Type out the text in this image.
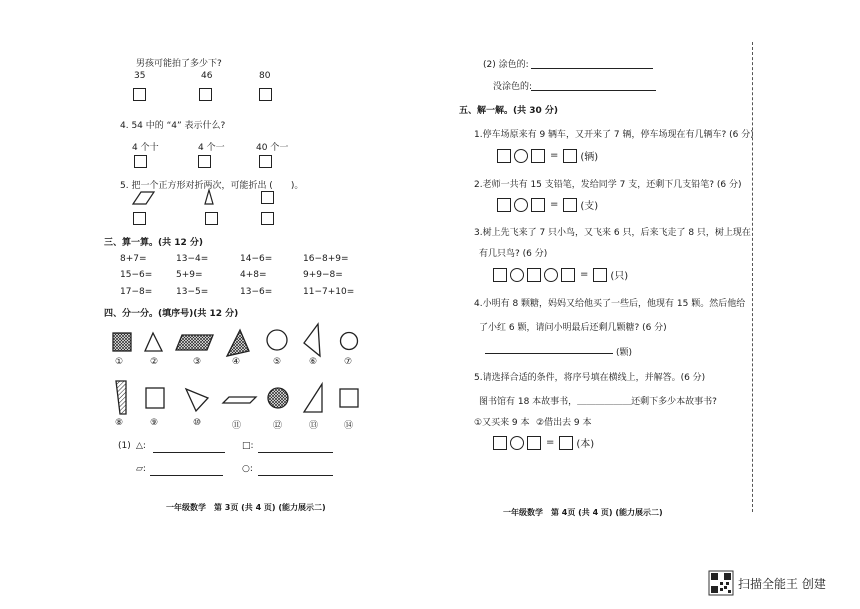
男孩可能拍了多少下?
35	46	80
4. 54 中的 “4” 表示什么?
4 个十	4 个一	40 个一
5. 把一个正方形对折两次，可能折出 (　　)。
三、算一算。(共 12 分)
8+7=	13−4=	14−6=	16−8+9=
15−6=	5+9=	4+8=	9+9−8=
17−8=	13−5=	13−6=	11−7+10=
四、分一分。(填序号)(共 12 分)
①	②	③	④	⑤	⑥	⑦
⑧	⑨	⑩	⑪	⑫	⑬	⑭
(1) △:	□:
▱:	○:
一年级数学　第 3页 (共 4 页) (能力展示二)
(2) 涂色的:
没涂色的:
五、解一解。(共 30 分)
1.停车场原来有 9 辆车，又开来了 7 辆，停车场现在有几辆车? (6 分)
= (辆)
2.老师一共有 15 支铅笔，发给同学 7 支，还剩下几支铅笔? (6 分)
= (支)
3.树上先飞来了 7 只小鸟，又飞来 6 只，后来飞走了 8 只，树上现在
有几只鸟? (6 分)
= (只)
4.小明有 8 颗糖，妈妈又给他买了一些后，他现有 15 颗。然后他给
了小红 6 颗，请问小明最后还剩几颗糖? (6 分)
(颗)
5.请选择合适的条件，将序号填在横线上，并解答。(6 分)
图书馆有 18 本故事书，＿＿＿＿＿＿还剩下多少本故事书?
①又买来 9 本 ②借出去 9 本
= (本)
一年级数学　第 4页 (共 4 页) (能力展示二)
扫描全能王 创建
